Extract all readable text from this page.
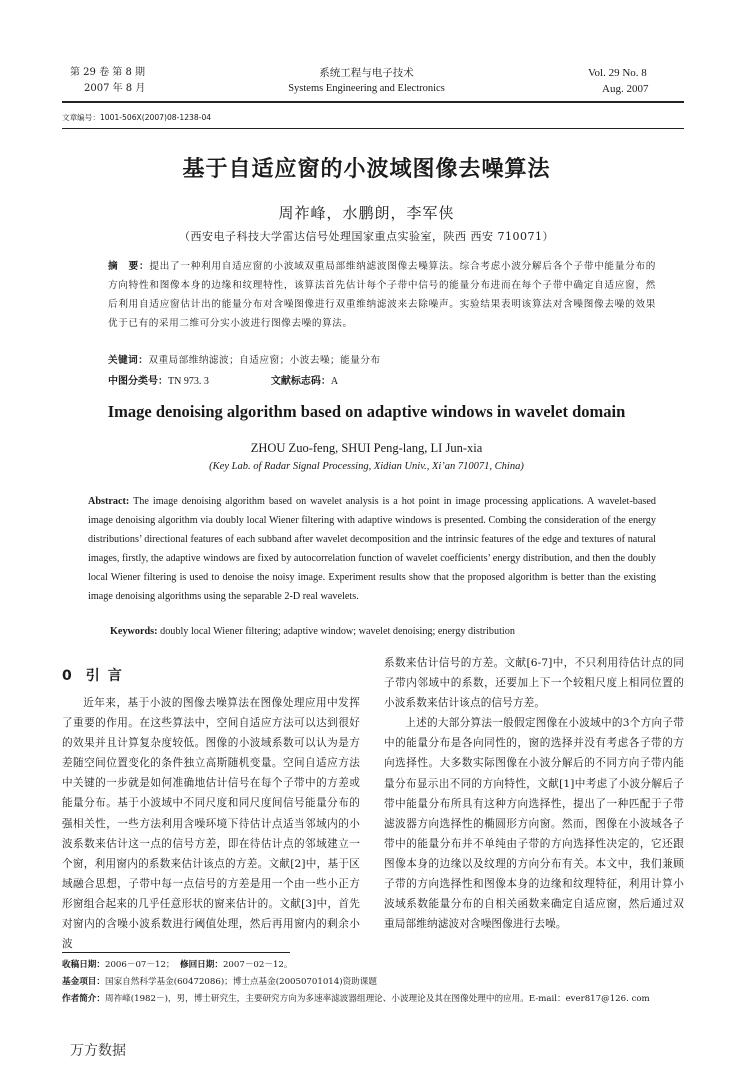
第 29 卷 第 8 期
2007 年 8 月
系统工程与电子技术
Systems Engineering and Electronics
Vol. 29 No. 8
Aug. 2007
文章编号：1001-506X(2007)08-1238-04
基于自适应窗的小波域图像去噪算法
周祚峰，水鹏朗，李军侠
（西安电子科技大学雷达信号处理国家重点实验室，陕西 西安 710071）
摘　要：提出了一种利用自适应窗的小波域双重局部维纳滤波图像去噪算法。综合考虑小波分解后各个子带中能量分布的方向特性和图像本身的边缘和纹理特性，该算法首先估计每个子带中信号的能量分布进而在每个子带中确定自适应窗，然后利用自适应窗估计出的能量分布对含噪图像进行双重维纳滤波来去除噪声。实验结果表明该算法对含噪图像去噪的效果优于已有的采用二维可分实小波进行图像去噪的算法。
关键词：双重局部维纳滤波；自适应窗；小波去噪；能量分布
中图分类号：TN 973. 3	文献标志码：A
Image denoising algorithm based on adaptive windows in wavelet domain
ZHOU Zuo-feng, SHUI Peng-lang, LI Jun-xia
(Key Lab. of Radar Signal Processing, Xidian Univ., Xi’an 710071, China)
Abstract: The image denoising algorithm based on wavelet analysis is a hot point in image processing applications. A wavelet-based image denoising algorithm via doubly local Wiener filtering with adaptive windows is presented. Combing the consideration of the energy distributions’ directional features of each subband after wavelet decomposition and the intrinsic features of the edge and textures of natural images, firstly, the adaptive windows are fixed by autocorrelation function of wavelet coefficients’ energy distribution, and then the doubly local Wiener filtering is used to denoise the noisy image. Experiment results show that the proposed algorithm is better than the existing image denoising algorithms using the separable 2-D real wavelets.
Keywords: doubly local Wiener filtering; adaptive window; wavelet denoising; energy distribution
0 引言

近年来，基于小波的图像去噪算法在图像处理应用中发挥了重要的作用。在这些算法中，空间自适应方法可以达到很好的效果并且计算复杂度较低。图像的小波域系数可以认为是方差随空间位置变化的条件独立高斯随机变量。空间自适应方法中关键的一步就是如何准确地估计信号在每个子带中的方差或能量分布。基于小波域中不同尺度和同尺度间信号能量分布的强相关性，一些方法利用含噪环境下待估计点适当邻域内的小波系数来估计这一点的信号方差，即在待估计点的邻域建立一个窗，利用窗内的系数来估计该点的方差。文献[2]中，基于区域融合思想，子带中每一点信号的方差是用一个由一些小正方形窗组合起来的几乎任意形状的窗来估计的。文献[3]中，首先对窗内的含噪小波系数进行阈值处理，然后再用窗内的剩余小波

系数来估计信号的方差。文献[6-7]中，不只利用待估计点的同子带内邻域中的系数，还要加上下一个较粗尺度上相同位置的小波系数来估计该点的信号方差。

上述的大部分算法一般假定图像在小波域中的3个方向子带中的能量分布是各向同性的，窗的选择并没有考虑各子带的方向选择性。大多数实际图像在小波分解后的不同方向子带内能量分布显示出不同的方向特性，文献[1]中考虑了小波分解后子带中能量分布所具有这种方向选择性，提出了一种匹配于子带滤波器方向选择性的椭圆形方向窗。然而，图像在小波域各子带中的能量分布并不单纯由子带的方向选择性决定的，它还跟图像本身的边缘以及纹理的方向分布有关。本文中，我们兼顾子带的方向选择性和图像本身的边缘和纹理特征，利用计算小波域系数能量分布的自相关函数来确定自适应窗，然后通过双重局部维纳滤波对含噪图像进行去噪。

收稿日期：2006－07－12； 修回日期：2007－02－12。
基金项目：国家自然科学基金(60472086)；博士点基金(20050701014)资助课题
作者简介：周祚峰(1982－)，男，博士研究生，主要研究方向为多速率滤波器组理论、小波理论及其在图像处理中的应用。E-mail：ever817@126. com
万方数据
